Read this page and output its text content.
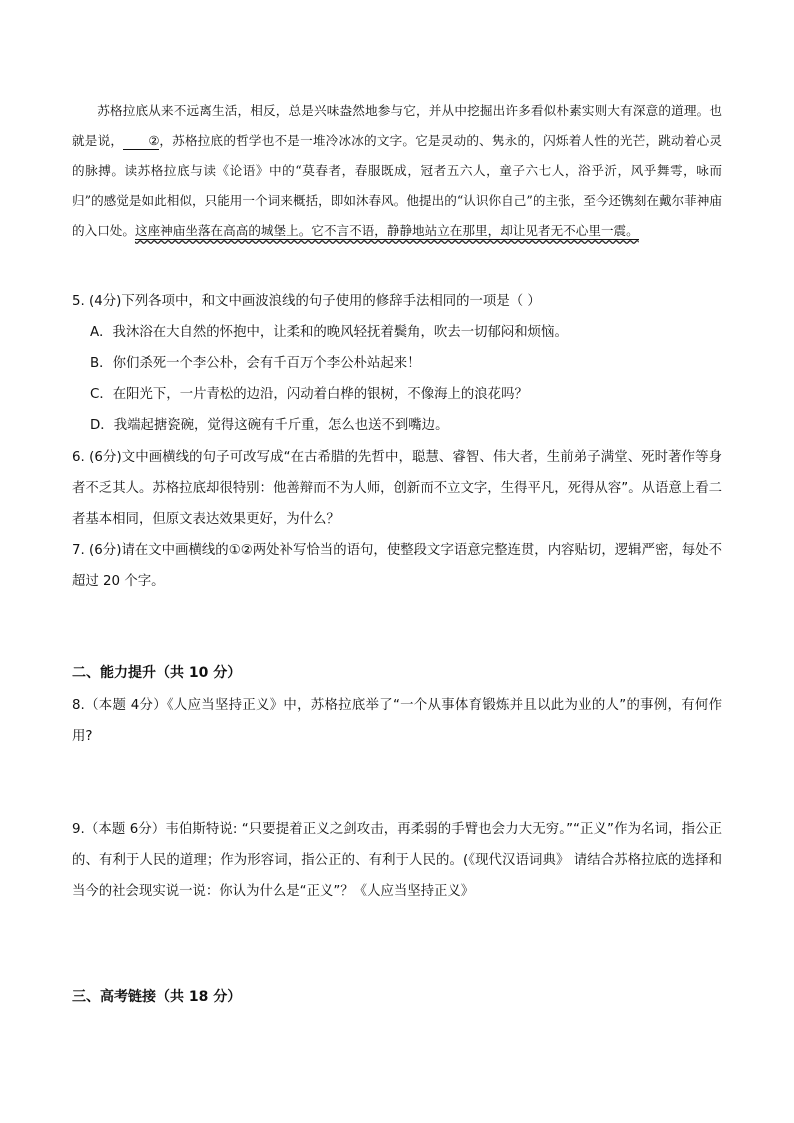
苏格拉底从来不远离生活，相反，总是兴味盎然地参与它，并从中挖掘出许多看似朴素实则大有深意的道理。也就是说， ②，苏格拉底的哲学也不是一堆冷冰冰的文字。它是灵动的、隽永的，闪烁着人性的光芒，跳动着心灵的脉搏。读苏格拉底与读《论语》中的“莫春者，春服既成，冠者五六人，童子六七人，浴乎沂，风乎舞雩，咏而归”的感觉是如此相似，只能用一个词来概括，即如沐春风。他提出的“认识你自己”的主张，至今还镌刻在戴尔菲神庙的入口处。这座神庙坐落在高高的城堡上。它不言不语，静静地站立在那里，却让见者无不心里一震。

5. (4分)下列各项中，和文中画波浪线的句子使用的修辞手法相同的一项是（ ）

A．我沐浴在大自然的怀抱中，让柔和的晚风轻抚着鬓角，吹去一切郁闷和烦恼。

B．你们杀死一个李公朴，会有千百万个李公朴站起来！

C．在阳光下，一片青松的边沿，闪动着白桦的银树，不像海上的浪花吗？

D．我端起搪瓷碗，觉得这碗有千斤重，怎么也送不到嘴边。

6. (6分)文中画横线的句子可改写成“在古希腊的先哲中，聪慧、睿智、伟大者，生前弟子满堂、死时著作等身者不乏其人。苏格拉底却很特别：他善辩而不为人师，创新而不立文字，生得平凡，死得从容”。从语意上看二者基本相同，但原文表达效果更好，为什么？

7. (6分)请在文中画横线的①②两处补写恰当的语句，使整段文字语意完整连贯，内容贴切，逻辑严密，每处不超过 20 个字。

二、能力提升（共 10 分）

8.（本题 4分）《人应当坚持正义》中，苏格拉底举了“一个从事体育锻炼并且以此为业的人”的事例，有何作用?

9.（本题 6分）韦伯斯特说: “只要提着正义之剑攻击，再柔弱的手臂也会力大无穷。”“正义”作为名词，指公正的、有利于人民的道理；作为形容词，指公正的、有利于人民的。(《现代汉语词典》 请结合苏格拉底的选择和当今的社会现实说一说：你认为什么是“正义”？《人应当坚持正义》

三、高考链接（共 18 分）
